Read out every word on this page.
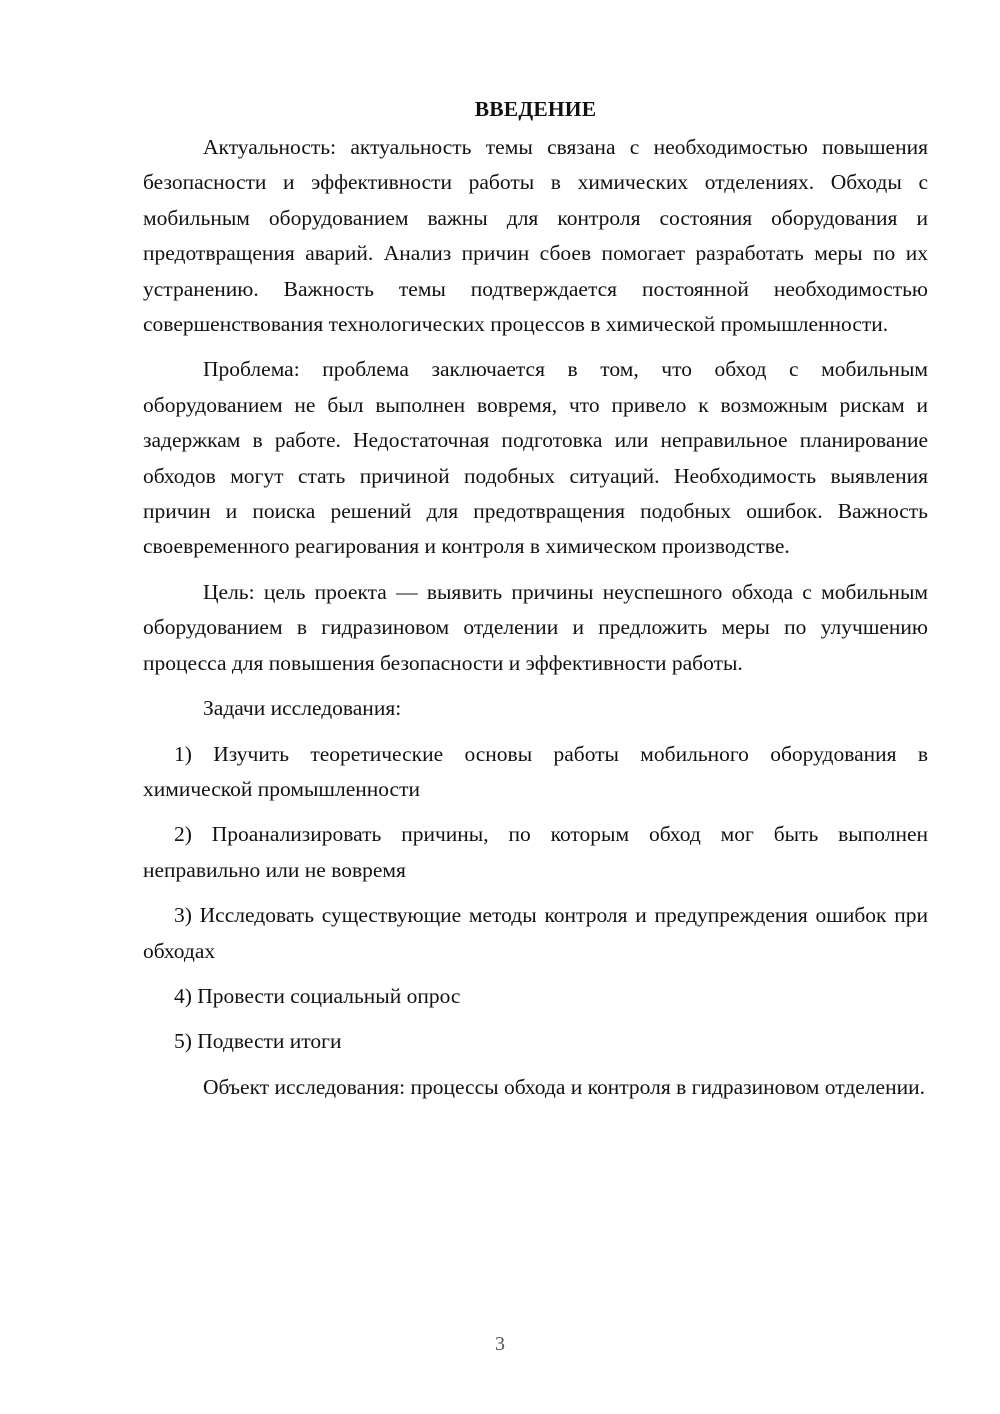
ВВЕДЕНИЕ

Актуальность: актуальность темы связана с необходимостью повышения безопасности и эффективности работы в химических отделениях. Обходы с мобильным оборудованием важны для контроля состояния оборудования и предотвращения аварий. Анализ причин сбоев помогает разработать меры по их устранению. Важность темы подтверждается постоянной необходимостью совершенствования технологических процессов в химической промышленности.

Проблема: проблема заключается в том, что обход с мобильным оборудованием не был выполнен вовремя, что привело к возможным рискам и задержкам в работе. Недостаточная подготовка или неправильное планирование обходов могут стать причиной подобных ситуаций. Необходимость выявления причин и поиска решений для предотвращения подобных ошибок. Важность своевременного реагирования и контроля в химическом производстве.

Цель: цель проекта — выявить причины неуспешного обхода с мобильным оборудованием в гидразиновом отделении и предложить меры по улучшению процесса для повышения безопасности и эффективности работы.

Задачи исследования:

1) Изучить теоретические основы работы мобильного оборудования в химической промышленности

2) Проанализировать причины, по которым обход мог быть выполнен неправильно или не вовремя

3) Исследовать существующие методы контроля и предупреждения ошибок при обходах

4) Провести социальный опрос

5) Подвести итоги

Объект исследования: процессы обхода и контроля в гидразиновом отделении.

3
